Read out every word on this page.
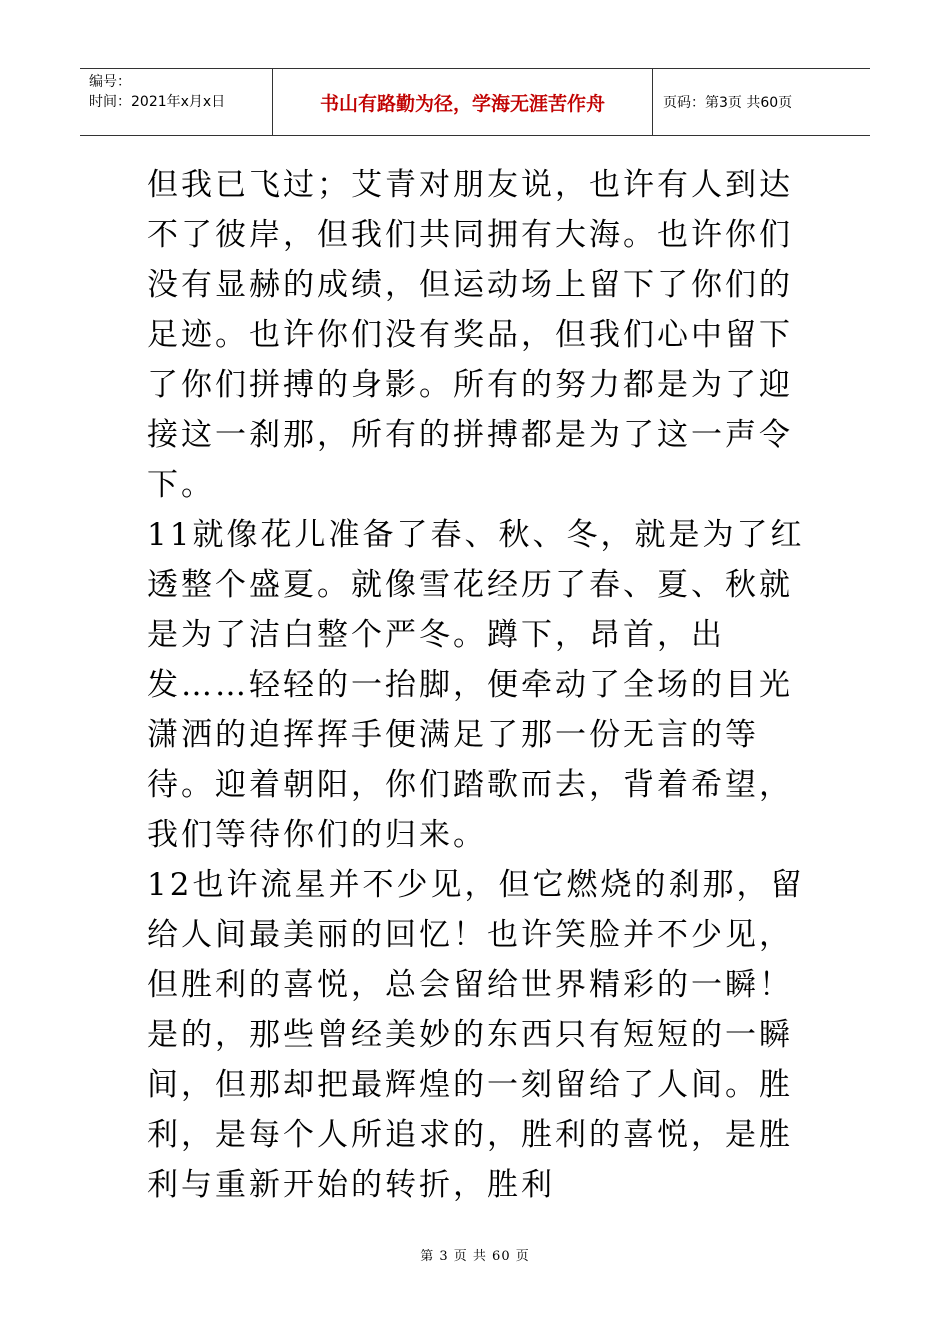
编号：
时间：2021年x月x日	书山有路勤为径，学海无涯苦作舟	页码：第3页 共60页

但我已飞过；艾青对朋友说，也许有人到达不了彼岸，但我们共同拥有大海。也许你们没有显赫的成绩，但运动场上留下了你们的足迹。也许你们没有奖品，但我们心中留下了你们拼搏的身影。所有的努力都是为了迎接这一刹那，所有的拼搏都是为了这一声令下。

11就像花儿准备了春、秋、冬，就是为了红透整个盛夏。就像雪花经历了春、夏、秋就是为了洁白整个严冬。蹲下，昂首，出发……轻轻的一抬脚，便牵动了全场的目光潇洒的迫挥挥手便满足了那一份无言的等待。迎着朝阳，你们踏歌而去，背着希望，我们等待你们的归来。

12也许流星并不少见，但它燃烧的刹那，留给人间最美丽的回忆！也许笑脸并不少见，但胜利的喜悦，总会留给世界精彩的一瞬！是的，那些曾经美妙的东西只有短短的一瞬间，但那却把最辉煌的一刻留给了人间。胜利，是每个人所追求的，胜利的喜悦，是胜利与重新开始的转折，胜利

第 3 页 共 60 页
